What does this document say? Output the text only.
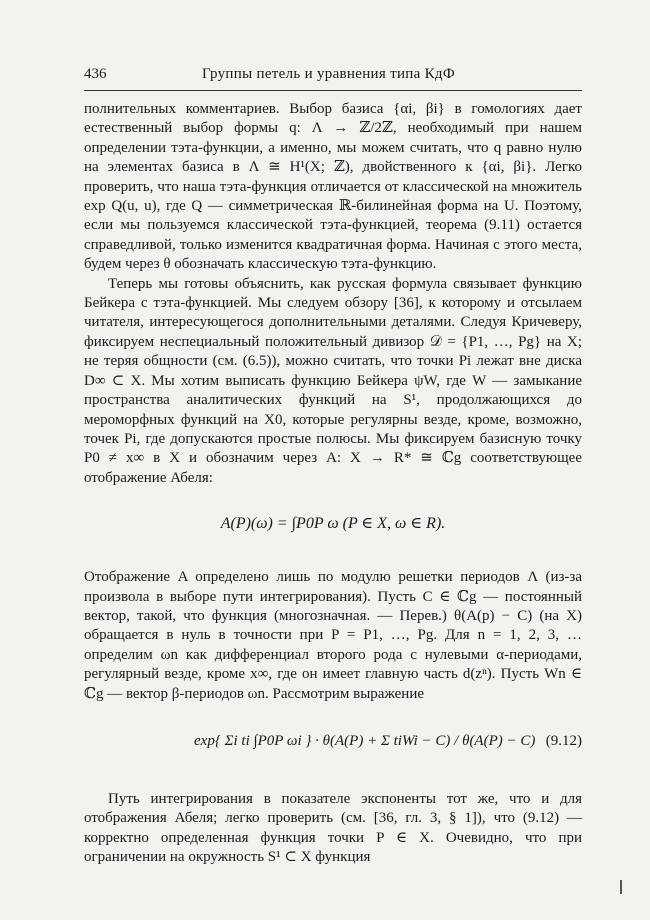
436	Группы петель и уравнения типа КдФ

полнительных комментариев. Выбор базиса {αi, βi} в гомологиях дает естественный выбор формы q: Λ → ℤ/2ℤ, необходимый при нашем определении тэта-функции, а именно, мы можем считать, что q равно нулю на элементах базиса в Λ ≅ H¹(X; ℤ), двойственного к {αi, βi}. Легко проверить, что наша тэта-функция отличается от классической на множитель exp Q(u, u), где Q — симметрическая ℝ-билинейная форма на U. Поэтому, если мы пользуемся классической тэта-функцией, теорема (9.11) остается справедливой, только изменится квадратичная форма. Начиная с этого места, будем через θ обозначать классическую тэта-функцию.

Теперь мы готовы объяснить, как русская формула связывает функцию Бейкера с тэта-функцией. Мы следуем обзору [36], к которому и отсылаем читателя, интересующегося дополнительными деталями. Следуя Кричеверу, фиксируем неспециальный положительный дивизор 𝒟 = {P1, …, Pg} на X; не теряя общности (см. (6.5)), можно считать, что точки Pi лежат вне диска D∞ ⊂ X. Мы хотим выписать функцию Бейкера ψW, где W — замыкание пространства аналитических функций на S¹, продолжающихся до мероморфных функций на X0, которые регулярны везде, кроме, возможно, точек Pi, где допускаются простые полюсы. Мы фиксируем базисную точку P0 ≠ x∞ в X и обозначим через A: X → R* ≅ ℂg соответствующее отображение Абеля:

A(P)(ω) = ∫P0P ω (P ∈ X, ω ∈ R).

Отображение A определено лишь по модулю решетки периодов Λ (из-за произвола в выборе пути интегрирования). Пусть C ∈ ℂg — постоянный вектор, такой, что функция (многозначная. — Перев.) θ(A(p) − C) (на X) обращается в нуль в точности при P = P1, …, Pg. Для n = 1, 2, 3, … определим ωn как дифференциал второго рода с нулевыми α-периодами, регулярный везде, кроме x∞, где он имеет главную часть d(zⁿ). Пусть Wn ∈ ℂg — вектор β-периодов ωn. Рассмотрим выражение

exp{ Σi ti ∫P0P ωi } · θ(A(P) + Σ tiWi − C) / θ(A(P) − C) (9.12)

Путь интегрирования в показателе экспоненты тот же, что и для отображения Абеля; легко проверить (см. [36, гл. 3, § 1]), что (9.12) — корректно определенная функция точки P ∈ X. Очевидно, что при ограничении на окружность S¹ ⊂ X функция
